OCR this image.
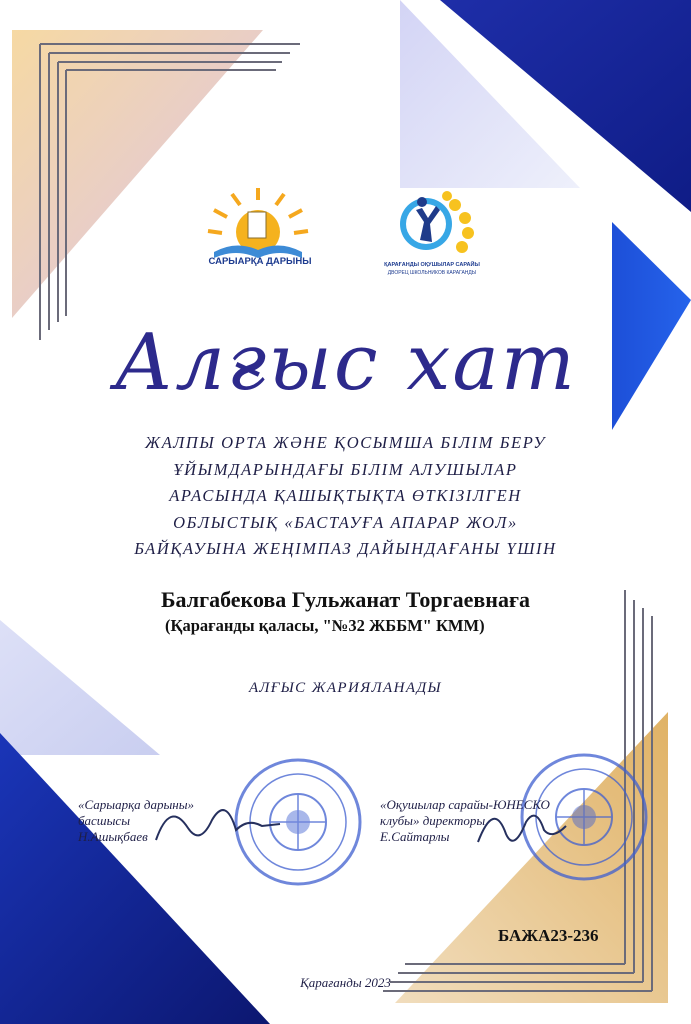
САРЫАРҚА ДАРЫНЫ	ҚАРАҒАНДЫ ОҚУШЫЛАР САРАЙЫ
ДВОРЕЦ ШКОЛЬНИКОВ КАРАГАНДЫ
Алғыс хат
ЖАЛПЫ ОРТА ЖӘНЕ ҚОСЫМША БІЛІМ БЕРУ
ҰЙЫМДАРЫНДАҒЫ БІЛІМ АЛУШЫЛАР
АРАСЫНДА ҚАШЫҚТЫҚТА ӨТКІЗІЛГЕН
ОБЛЫСТЫҚ «БАСТАУҒА АПАРАР ЖОЛ»
БАЙҚАУЫНА ЖЕҢІМПАЗ ДАЙЫНДАҒАНЫ ҮШІН
Балгабекова Гульжанат Торгаевнаға
(Қарағанды қаласы, "№32 ЖББМ" КММ)
АЛҒЫС ЖАРИЯЛАНАДЫ
«Сарыарқа дарыны»
басшысы
Н.Ашықбаев
«Оқушылар сарайы-ЮНЕСКО
клубы» директоры
Е.Сайтарлы
БАЖА23-236
Қарағанды 2023
